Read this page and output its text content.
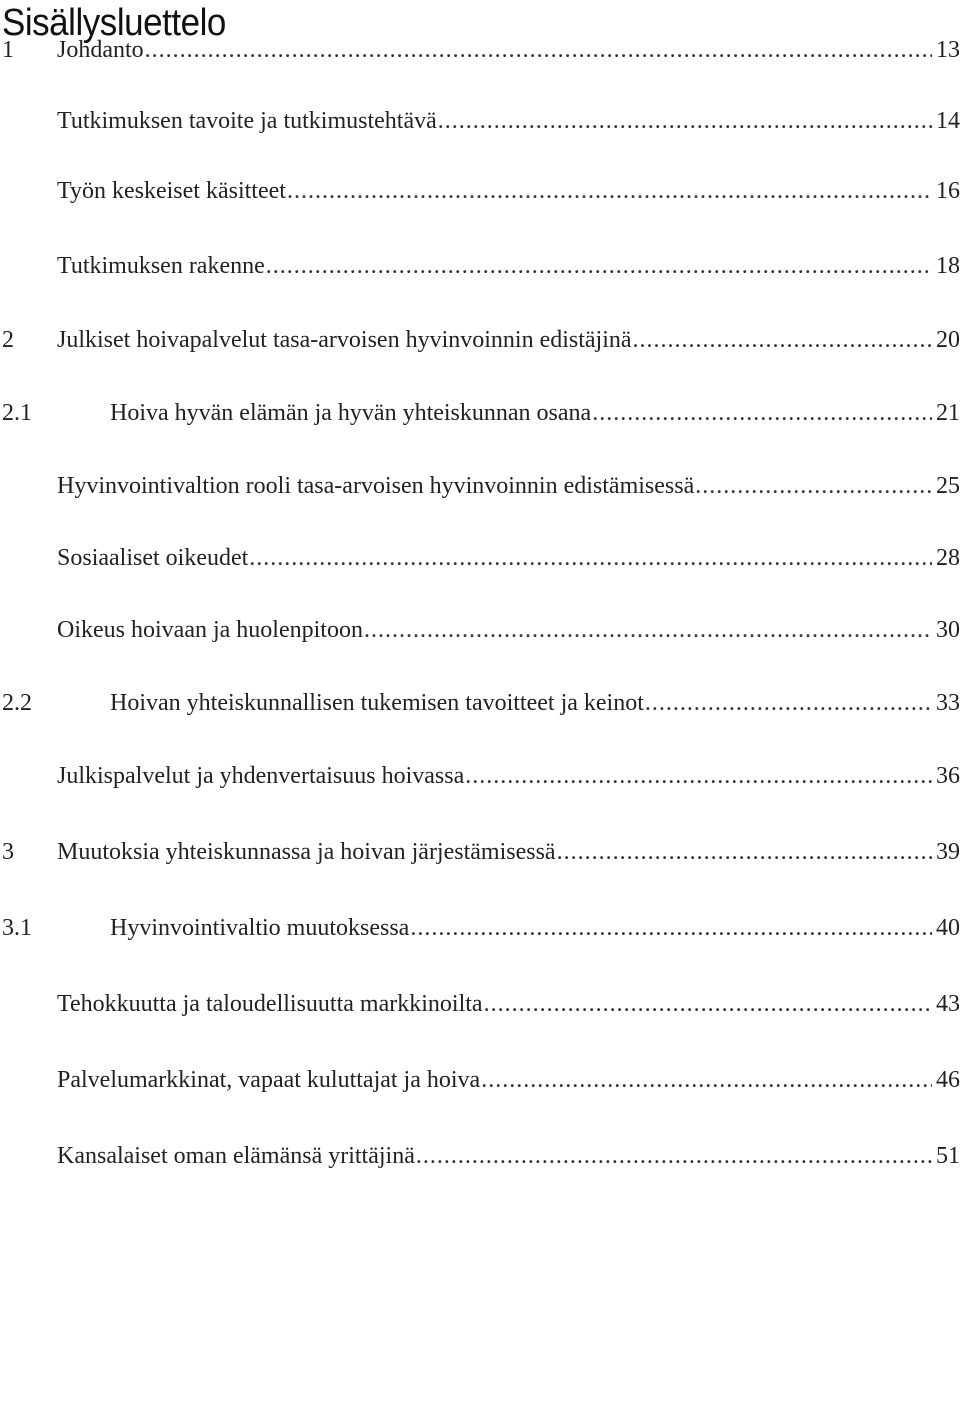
Sisällysluettelo
1 Johdanto .....	13
Tutkimuksen tavoite ja tutkimustehtävä .....	14
Työn keskeiset käsitteet .....	16
Tutkimuksen rakenne .....	18
2 Julkiset hoivapalvelut tasa-arvoisen hyvinvoinnin edistäjinä .....	20
2.1	Hoiva hyvän elämän ja hyvän yhteiskunnan osana .....	21
Hyvinvointivaltion rooli tasa-arvoisen hyvinvoinnin edistämisessä .....	25
Sosiaaliset oikeudet .....	28
Oikeus hoivaan ja huolenpitoon .....	30
2.2	Hoivan yhteiskunnallisen tukemisen tavoitteet ja keinot .....	33
Julkispalvelut ja yhdenvertaisuus hoivassa .....	36
3 Muutoksia yhteiskunnassa ja hoivan järjestämisessä .....	39
3.1	Hyvinvointivaltio muutoksessa .....	40
Tehokkuutta ja taloudellisuutta markkinoilta .....	43
Palvelumarkkinat, vapaat kuluttajat ja hoiva .....	46
Kansalaiset oman elämänsä yrittäjinä .....	51
